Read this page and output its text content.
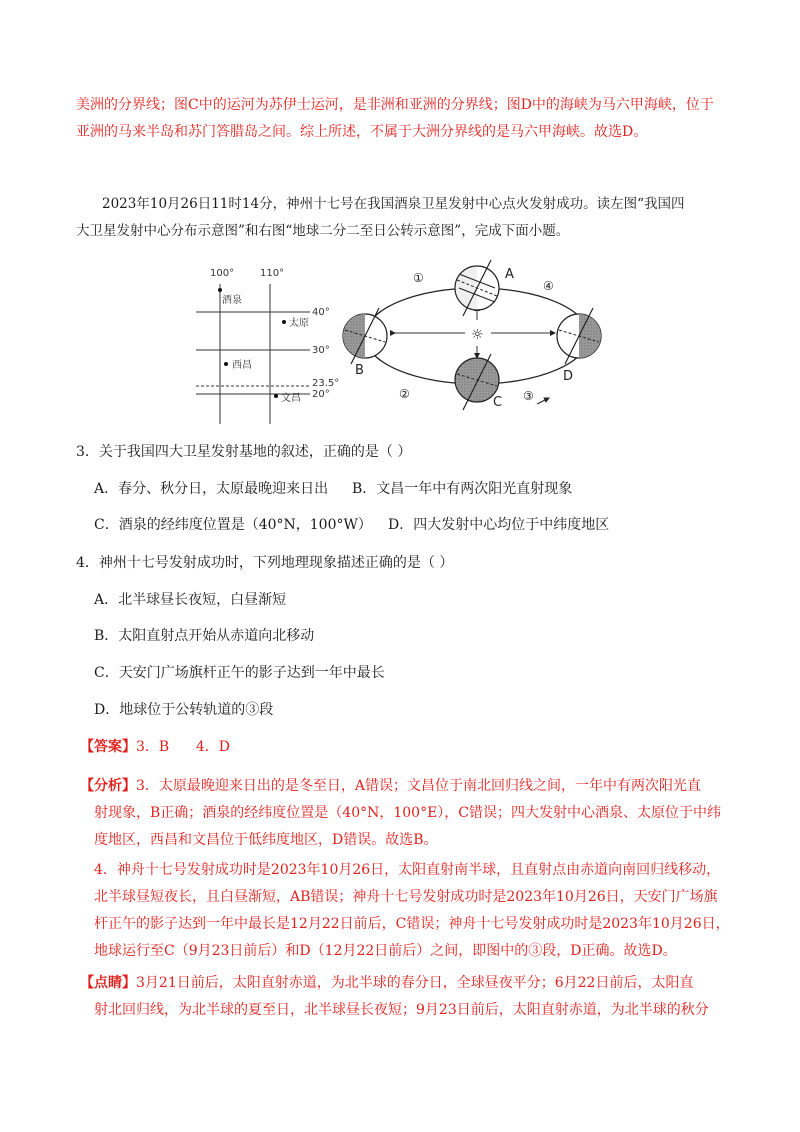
美洲的分界线；图C中的运河为苏伊士运河，是非洲和亚洲的分界线；图D中的海峡为马六甲海峡，位于
亚洲的马来半岛和苏门答腊岛之间。综上所述，不属于大洲分界线的是马六甲海峡。故选D。
2023年10月26日11时14分，神州十七号在我国酒泉卫星发射中心点火发射成功。读左图“我国四
大卫星发射中心分布示意图”和右图“地球二分二至日公转示意图”，完成下面小题。
100°	110°
40°
30°
23.5°
20°
酒泉
太原
西昌
文昌
☼
A
B
C
D
①
②	③
④
3．关于我国四大卫星发射基地的叙述，正确的是（ ）
A．春分、秋分日，太原最晚迎来日出 B．文昌一年中有两次阳光直射现象
C．酒泉的经纬度位置是（40°N，100°W） D．四大发射中心均位于中纬度地区
4．神州十七号发射成功时，下列地理现象描述正确的是（ ）
A．北半球昼长夜短，白昼渐短
B．太阳直射点开始从赤道向北移动
C．天安门广场旗杆正午的影子达到一年中最长
D．地球位于公转轨道的③段
【答案】3．B      4．D
【分析】3．太原最晚迎来日出的是冬至日，A错误；文昌位于南北回归线之间，一年中有两次阳光直
射现象，B正确；酒泉的经纬度位置是（40°N，100°E），C错误；四大发射中心酒泉、太原位于中纬
度地区，西昌和文昌位于低纬度地区，D错误。故选B。
4．神舟十七号发射成功时是2023年10月26日，太阳直射南半球，且直射点由赤道向南回归线移动，
北半球昼短夜长，且白昼渐短，AB错误；神舟十七号发射成功时是2023年10月26日，天安门广场旗
杆正午的影子达到一年中最长是12月22日前后，C错误；神舟十七号发射成功时是2023年10月26日，
地球运行至C（9月23日前后）和D（12月22日前后）之间，即图中的③段，D正确。故选D。
【点睛】3月21日前后，太阳直射赤道，为北半球的春分日，全球昼夜平分；6月22日前后，太阳直
射北回归线，为北半球的夏至日，北半球昼长夜短；9月23日前后，太阳直射赤道，为北半球的秋分
